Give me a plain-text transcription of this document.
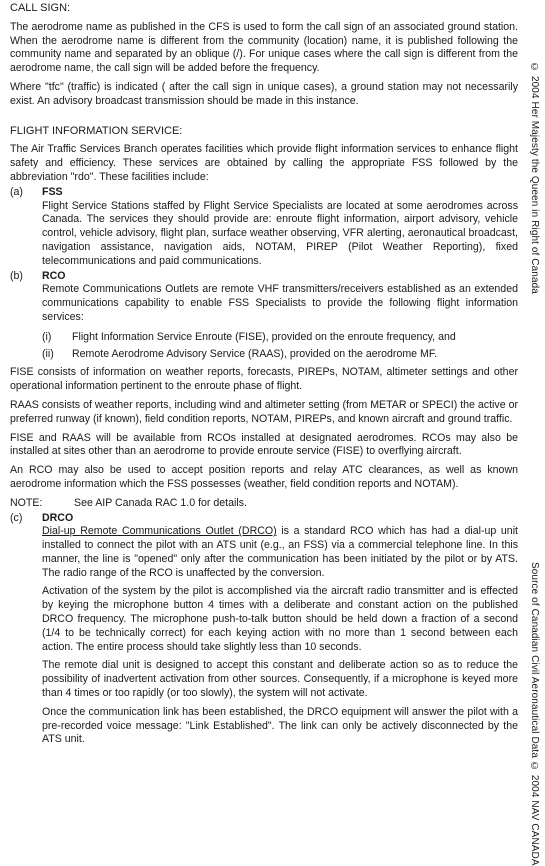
CALL SIGN:

The aerodrome name as published in the CFS is used to form the call sign of an associated ground station. When the aerodrome name is different from the community (location) name, it is published following the community name and separated by an oblique (/). For unique cases where the call sign is different from the aerodrome name, the call sign will be added before the frequency.

Where "tfc" (traffic) is indicated ( after the call sign in unique cases), a ground station may not necessarily exist. An advisory broadcast transmission should be made in this instance.

FLIGHT INFORMATION SERVICE:

The Air Traffic Services Branch operates facilities which provide flight information services to enhance flight safety and efficiency. These services are obtained by calling the appropriate FSS followed by the abbreviation "rdo". These facilities include:

(a)	FSS

Flight Service Stations staffed by Flight Service Specialists are located at some aerodromes across Canada. The services they should provide are: enroute flight information, airport advisory, vehicle control, vehicle advisory, flight plan, surface weather observing, VFR alerting, aeronautical broadcast, navigation assistance, navigation aids, NOTAM, PIREP (Pilot Weather Reporting), fixed telecommunications and paid communications.

(b)	RCO

Remote Communications Outlets are remote VHF transmitters/receivers established as an extended communications capability to enable FSS Specialists to provide the following flight information services:

(i)	Flight Information Service Enroute (FISE), provided on the enroute frequency, and
(ii)	Remote Aerodrome Advisory Service (RAAS), provided on the aerodrome MF.

FISE consists of information on weather reports, forecasts, PIREPs, NOTAM, altimeter settings and other operational information pertinent to the enroute phase of flight.

RAAS consists of weather reports, including wind and altimeter setting (from METAR or SPECI) the active or preferred runway (if known), field condition reports, NOTAM, PIREPs, and known aircraft and ground traffic.

FISE and RAAS will be available from RCOs installed at designated aerodromes. RCOs may also be installed at sites other than an aerodrome to provide enroute service (FISE) to overflying aircraft.

An RCO may also be used to accept position reports and relay ATC clearances, as well as known aerodrome information which the FSS possesses (weather, field condition reports and NOTAM).

NOTE:	See AIP Canada RAC 1.0 for details.
(c)	DRCO

Dial-up Remote Communications Outlet (DRCO) is a standard RCO which has had a dial-up unit installed to connect the pilot with an ATS unit (e.g., an FSS) via a commercial telephone line. In this manner, the line is "opened" only after the communication has been initiated by the pilot or by ATS. The radio range of the RCO is unaffected by the conversion.

Activation of the system by the pilot is accomplished via the aircraft radio transmitter and is effected by keying the microphone button 4 times with a deliberate and constant action on the published DRCO frequency. The microphone push-to-talk button should be held down a fraction of a second (1/4 to be technically correct) for each keying action with no more than 1 second between each action. The entire process should take slightly less than 10 seconds.

The remote dial unit is designed to accept this constant and deliberate action so as to reduce the possibility of inadvertent activation from other sources. Consequently, if a microphone is keyed more than 4 times or too rapidly (or too slowly), the system will not activate.

Once the communication link has been established, the DRCO equipment will answer the pilot with a pre-recorded voice message: "Link Established". The link can only be actively disconnected by the ATS unit.

© 2004 Her Majesty the Queen in Right of Canada
Source of Canadian Civil Aeronautical Data © 2004 NAV CANADA
